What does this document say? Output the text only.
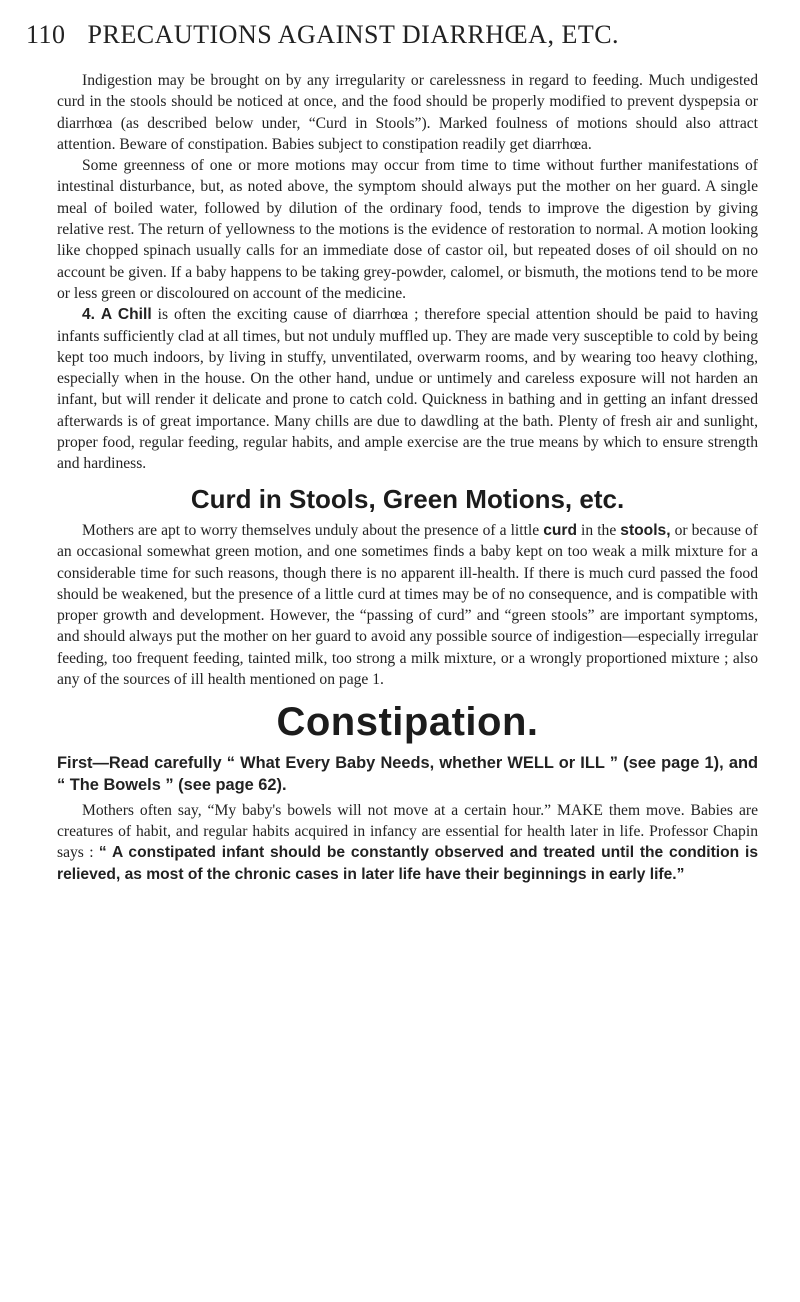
110 PRECAUTIONS AGAINST DIARRHŒA, ETC.

Indigestion may be brought on by any irregularity or carelessness in regard to feeding. Much undigested curd in the stools should be noticed at once, and the food should be properly modified to prevent dyspepsia or diarrhœa (as described below under, “Curd in Stools”). Marked foulness of motions should also attract attention. Beware of constipation. Babies subject to constipation readily get diarrhœa.

Some greenness of one or more motions may occur from time to time without further manifestations of intestinal disturbance, but, as noted above, the symptom should always put the mother on her guard. A single meal of boiled water, followed by dilution of the ordinary food, tends to improve the digestion by giving relative rest. The return of yellowness to the motions is the evidence of restoration to normal. A motion looking like chopped spinach usually calls for an immediate dose of castor oil, but repeated doses of oil should on no account be given. If a baby happens to be taking grey-powder, calomel, or bismuth, the motions tend to be more or less green or discoloured on account of the medicine.

4. A Chill is often the exciting cause of diarrhœa ; therefore special attention should be paid to having infants sufficiently clad at all times, but not unduly muffled up. They are made very susceptible to cold by being kept too much indoors, by living in stuffy, unventilated, overwarm rooms, and by wearing too heavy clothing, especially when in the house. On the other hand, undue or untimely and careless exposure will not harden an infant, but will render it delicate and prone to catch cold. Quickness in bathing and in getting an infant dressed afterwards is of great importance. Many chills are due to dawdling at the bath. Plenty of fresh air and sunlight, proper food, regular feeding, regular habits, and ample exercise are the true means by which to ensure strength and hardiness.

Curd in Stools, Green Motions, etc.

Mothers are apt to worry themselves unduly about the presence of a little curd in the stools, or because of an occasional somewhat green motion, and one sometimes finds a baby kept on too weak a milk mixture for a considerable time for such reasons, though there is no apparent ill-health. If there is much curd passed the food should be weakened, but the presence of a little curd at times may be of no consequence, and is compatible with proper growth and development. However, the “passing of curd” and “green stools” are important symptoms, and should always put the mother on her guard to avoid any possible source of indigestion—especially irregular feeding, too frequent feeding, tainted milk, too strong a milk mixture, or a wrongly proportioned mixture ; also any of the sources of ill health mentioned on page 1.

Constipation.

First—Read carefully “ What Every Baby Needs, whether WELL or ILL ” (see page 1), and “ The Bowels ” (see page 62).

Mothers often say, “My baby's bowels will not move at a certain hour.” MAKE them move. Babies are creatures of habit, and regular habits acquired in infancy are essential for health later in life. Professor Chapin says : “ A constipated infant should be constantly observed and treated until the condition is relieved, as most of the chronic cases in later life have their beginnings in early life.”
